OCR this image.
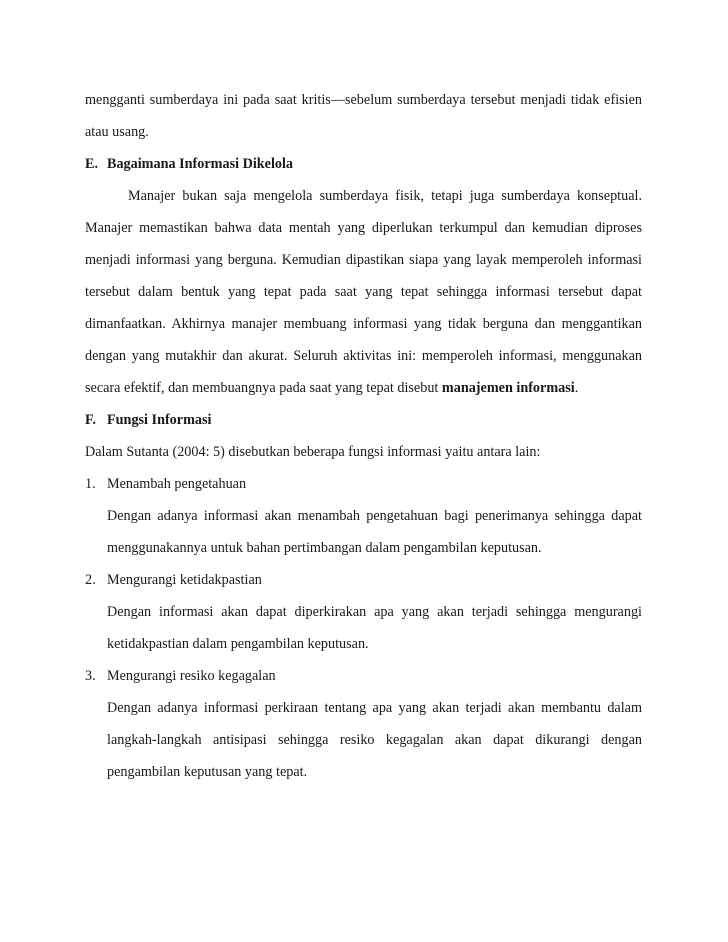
mengganti sumberdaya ini pada saat kritis—sebelum sumberdaya tersebut menjadi tidak efisien
atau usang.
E. Bagaimana Informasi Dikelola
Manajer bukan saja mengelola sumberdaya fisik, tetapi juga sumberdaya konseptual.
Manajer memastikan bahwa data mentah yang diperlukan terkumpul dan kemudian diproses
menjadi informasi yang berguna. Kemudian dipastikan siapa yang layak memperoleh informasi
tersebut dalam bentuk yang tepat pada saat yang tepat sehingga informasi tersebut dapat
dimanfaatkan. Akhirnya manajer membuang informasi yang tidak berguna dan menggantikan
dengan yang mutakhir dan akurat. Seluruh aktivitas ini: memperoleh informasi, menggunakan
secara efektif, dan membuangnya pada saat yang tepat disebut manajemen informasi.
F. Fungsi Informasi
Dalam Sutanta (2004: 5) disebutkan beberapa fungsi informasi yaitu antara lain:
1. Menambah pengetahuan
Dengan adanya informasi akan menambah pengetahuan bagi penerimanya sehingga dapat
menggunakannya untuk bahan pertimbangan dalam pengambilan keputusan.
2. Mengurangi ketidakpastian
Dengan informasi akan dapat diperkirakan apa yang akan terjadi sehingga mengurangi
ketidakpastian dalam pengambilan keputusan.
3. Mengurangi resiko kegagalan
Dengan adanya informasi perkiraan tentang apa yang akan terjadi akan membantu dalam
langkah-langkah antisipasi sehingga resiko kegagalan akan dapat dikurangi dengan
pengambilan keputusan yang tepat.
